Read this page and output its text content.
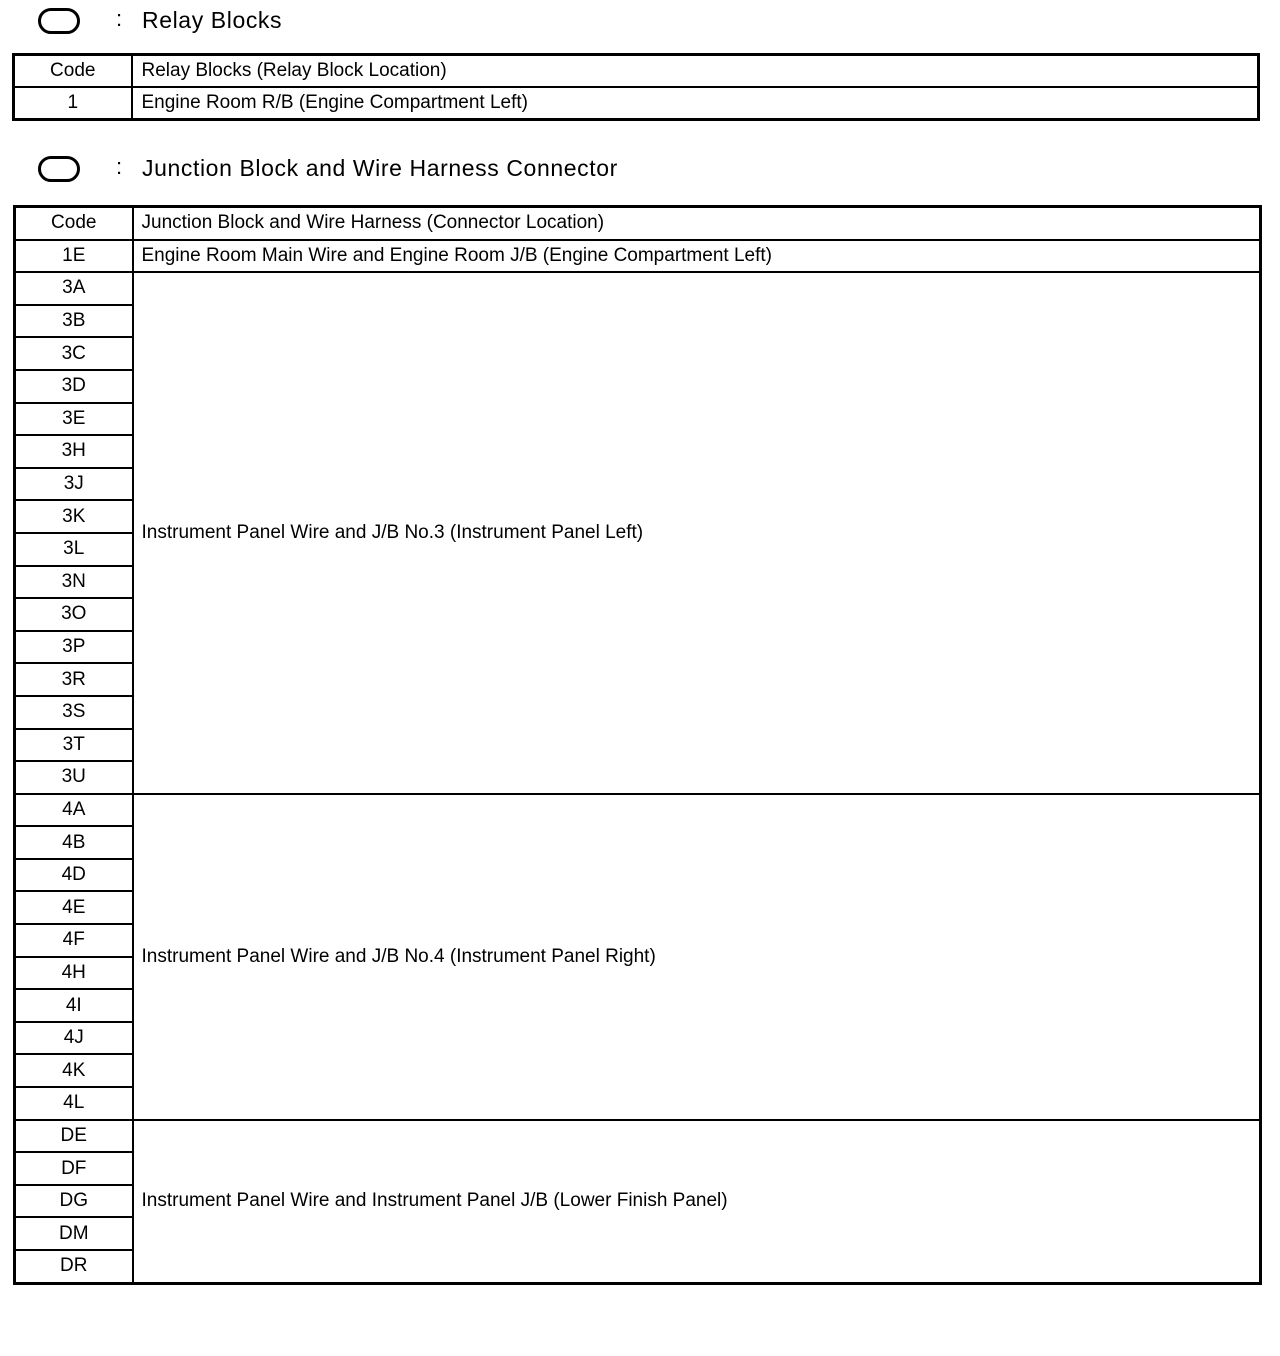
: Relay Blocks
Code	Relay Blocks (Relay Block Location)
1	Engine Room R/B (Engine Compartment Left)
: Junction Block and Wire Harness Connector
Code	Junction Block and Wire Harness (Connector Location)
1E	Engine Room Main Wire and Engine Room J/B (Engine Compartment Left)
3A	Instrument Panel Wire and J/B No.3 (Instrument Panel Left)
3B	
3C	
3D	
3E	
3H	
3J	
3K	
3L	
3N	
3O	
3P	
3R	
3S	
3T	
3U	
4A	Instrument Panel Wire and J/B No.4 (Instrument Panel Right)
4B	
4D	
4E	
4F	
4H	
4I	
4J	
4K	
4L	
DE	Instrument Panel Wire and Instrument Panel J/B (Lower Finish Panel)
DF	
DG	
DM	
DR	
